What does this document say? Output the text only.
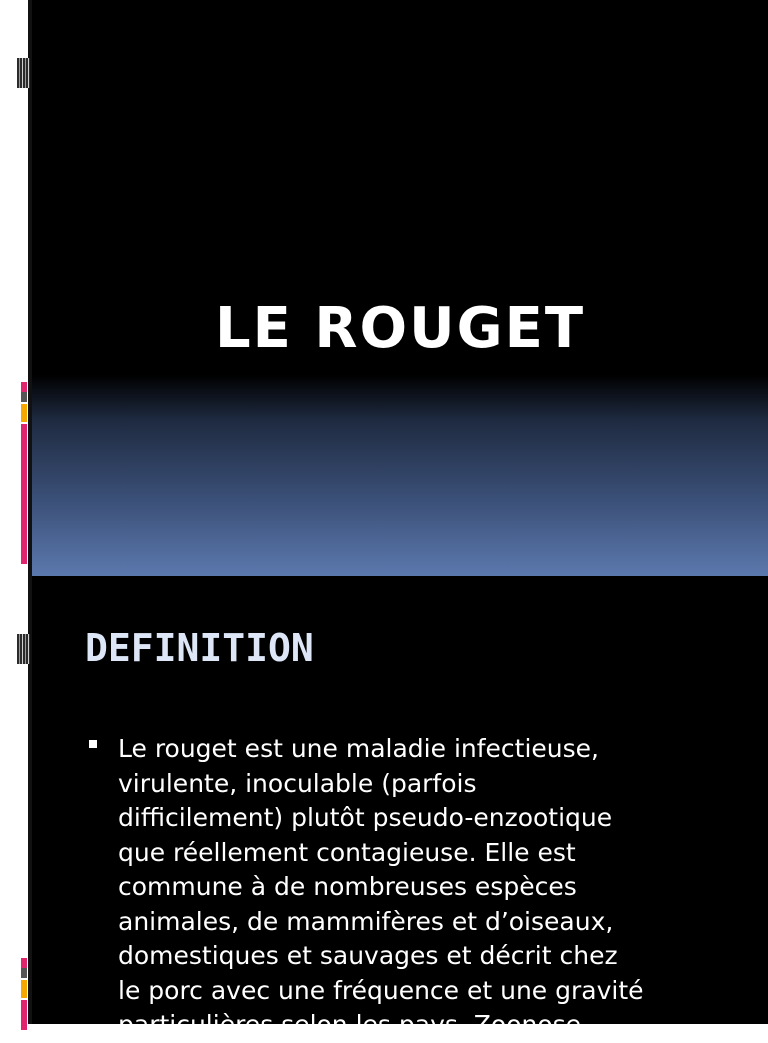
LE ROUGET
DEFINITION
Le rouget est une maladie infectieuse,
virulente, inoculable (parfois
difficilement) plutôt pseudo-enzootique
que réellement contagieuse. Elle est
commune à de nombreuses espèces
animales, de mammifères et d’oiseaux,
domestiques et sauvages et décrit chez
le porc avec une fréquence et une gravité
particulières selon les pays. Zoonose
